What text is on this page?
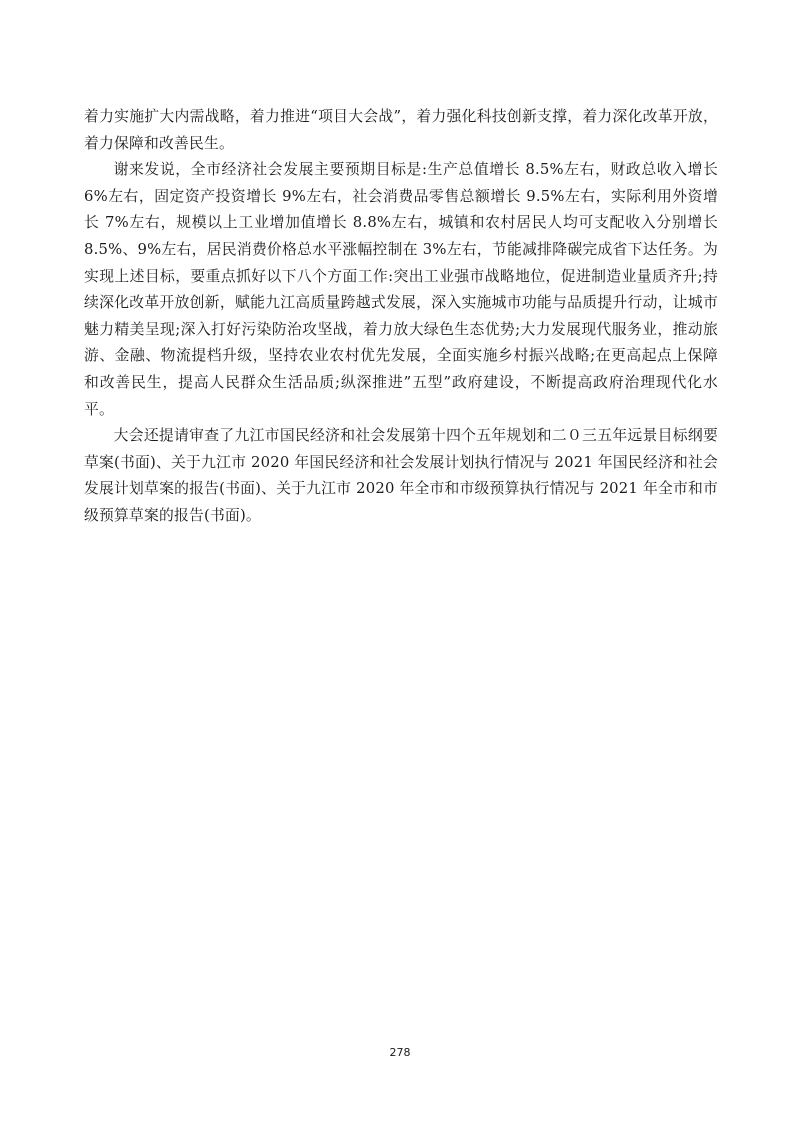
着力实施扩大内需战略，着力推进“项目大会战”，着力强化科技创新支撑，着力深化改革开放，着力保障和改善民生。

谢来发说，全市经济社会发展主要预期目标是:生产总值增长 8.5%左右，财政总收入增长 6%左右，固定资产投资增长 9%左右，社会消费品零售总额增长 9.5%左右，实际利用外资增长 7%左右，规模以上工业增加值增长 8.8%左右，城镇和农村居民人均可支配收入分别增长 8.5%、9%左右，居民消费价格总水平涨幅控制在 3%左右，节能减排降碳完成省下达任务。为实现上述目标，要重点抓好以下八个方面工作:突出工业强市战略地位，促进制造业量质齐升;持续深化改革开放创新，赋能九江高质量跨越式发展，深入实施城市功能与品质提升行动，让城市魅力精美呈现;深入打好污染防治攻坚战，着力放大绿色生态优势;大力发展现代服务业，推动旅游、金融、物流提档升级，坚持农业农村优先发展，全面实施乡村振兴战略;在更高起点上保障和改善民生，提高人民群众生活品质;纵深推进”五型”政府建设，不断提高政府治理现代化水平。

大会还提请审查了九江市国民经济和社会发展第十四个五年规划和二０三五年远景目标纲要草案(书面)、关于九江市 2020 年国民经济和社会发展计划执行情况与 2021 年国民经济和社会发展计划草案的报告(书面)、关于九江市 2020 年全市和市级预算执行情况与 2021 年全市和市级预算草案的报告(书面)。

278
